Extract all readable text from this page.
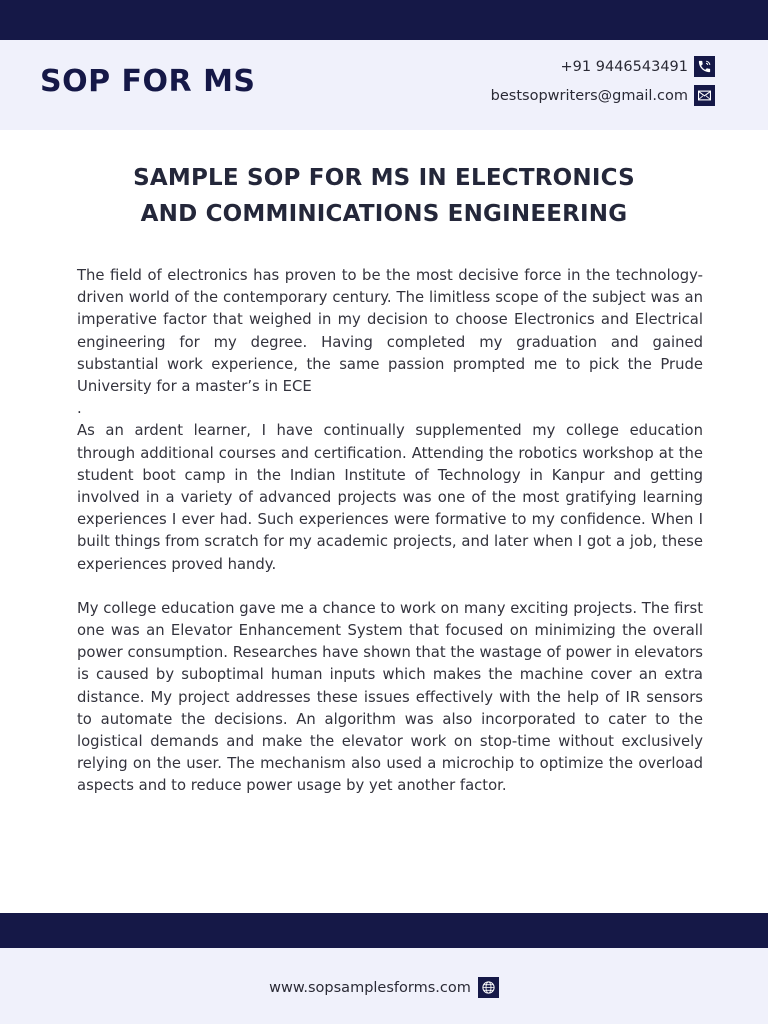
SOP FOR MS	+91 9446543491
bestsopwriters@gmail.com
SAMPLE SOP FOR MS IN ELECTRONICS
AND COMMINICATIONS ENGINEERING

The field of electronics has proven to be the most decisive force in the technology-driven world of the contemporary century. The limitless scope of the subject was an imperative factor that weighed in my decision to choose Electronics and Electrical engineering for my degree. Having completed my graduation and gained substantial work experience, the same passion prompted me to pick the Prude University for a master’s in ECE

.

As an ardent learner, I have continually supplemented my college education through additional courses and certification. Attending the robotics workshop at the student boot camp in the Indian Institute of Technology in Kanpur and getting involved in a variety of advanced projects was one of the most gratifying learning experiences I ever had. Such experiences were formative to my confidence. When I built things from scratch for my academic projects, and later when I got a job, these experiences proved handy.

My college education gave me a chance to work on many exciting projects. The first one was an Elevator Enhancement System that focused on minimizing the overall power consumption. Researches have shown that the wastage of power in elevators is caused by suboptimal human inputs which makes the machine cover an extra distance. My project addresses these issues effectively with the help of IR sensors to automate the decisions. An algorithm was also incorporated to cater to the logistical demands and make the elevator work on stop-time without exclusively relying on the user. The mechanism also used a microchip to optimize the overload aspects and to reduce power usage by yet another factor.

www.sopsamplesforms.com
